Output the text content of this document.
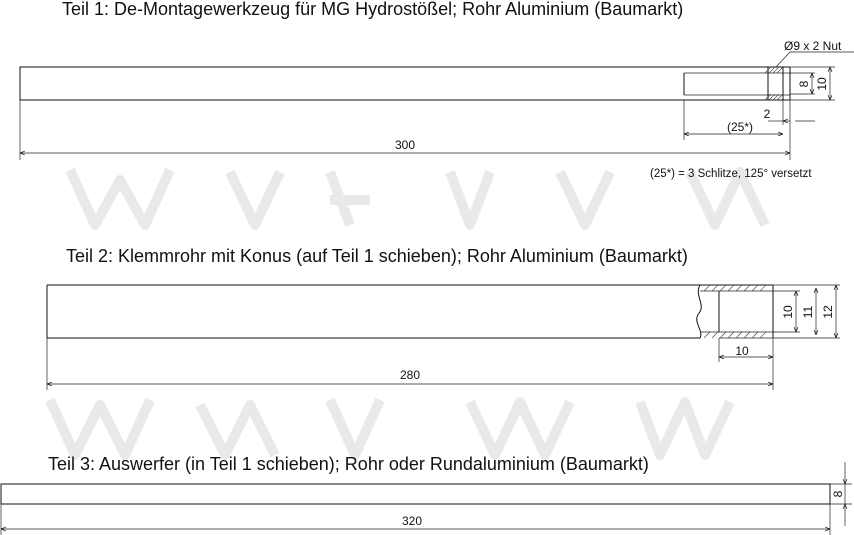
Teil 1: De-Montagewerkzeug für MG Hydrostößel; Rohr Aluminium (Baumarkt)
300
(25*)
2
Ø9 x 2 Nut
8 10
(25*) = 3 Schlitze, 125° versetzt
Teil 2: Klemmrohr mit Konus (auf Teil 1 schieben); Rohr Aluminium (Baumarkt)
280
10
10 11 12
Teil 3: Auswerfer (in Teil 1 schieben); Rohr oder Rundaluminium (Baumarkt)
320
8
